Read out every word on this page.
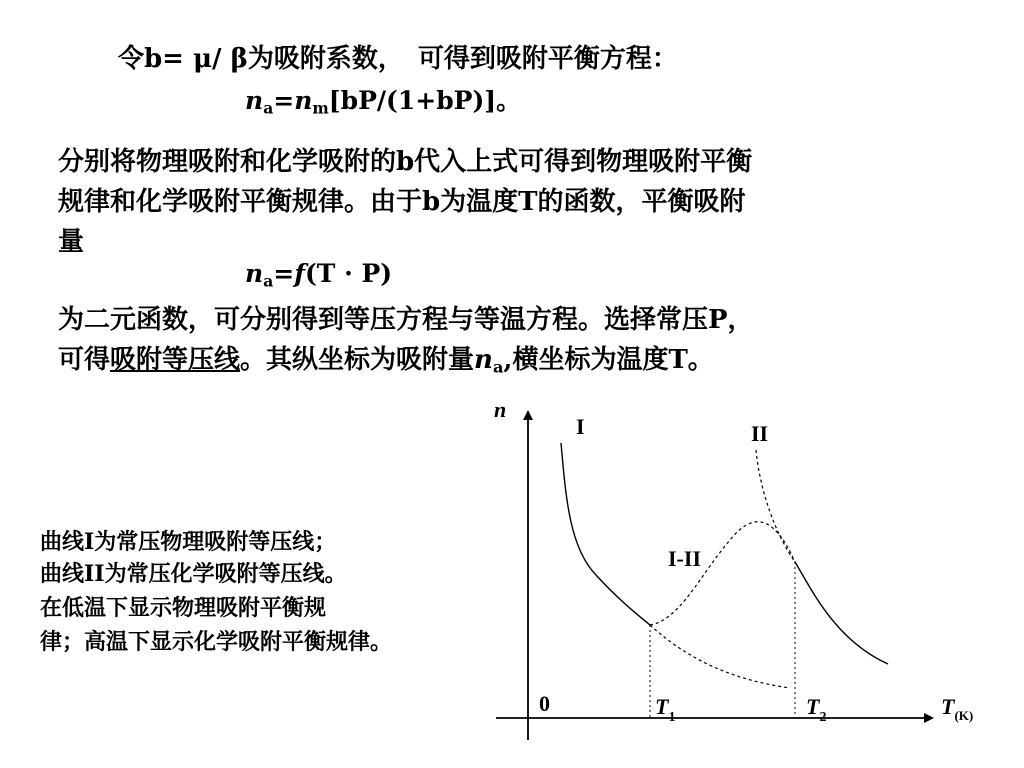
令b= μ/ β为吸附系数， 可得到吸附平衡方程：
$n_a=n_m[bP/(1+bP)]$。
分别将物理吸附和化学吸附的b代入上式可得到物理吸附平衡
规律和化学吸附平衡规律。由于b为温度T的函数，平衡吸附
量
$n_a=f(T \cdot P)$
为二元函数，可分别得到等压方程与等温方程。选择常压P，
可得吸附等压线。其纵坐标为吸附量$n_a$,横坐标为温度T。
曲线I为常压物理吸附等压线；
曲线II为常压化学吸附等压线。
在低温下显示物理吸附平衡规
律；高温下显示化学吸附平衡规律。
n
I	II
I-II
0	$T_1$	$T_2$	$T_{(K)}$
